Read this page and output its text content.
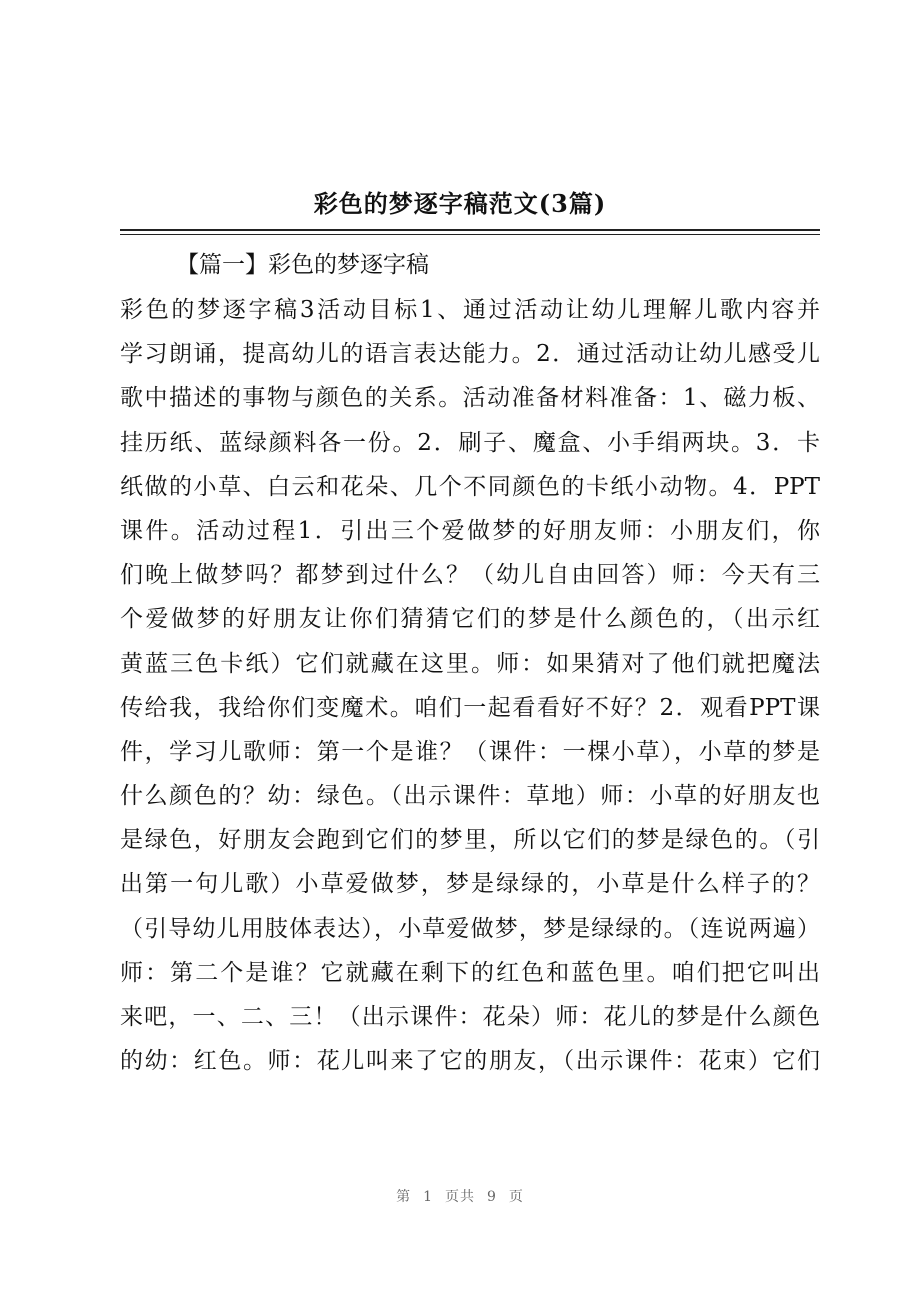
彩色的梦逐字稿范文(3篇)
【篇一】彩色的梦逐字稿
彩色的梦逐字稿3活动目标1、通过活动让幼儿理解儿歌内容并
学习朗诵，提高幼儿的语言表达能力。2．通过活动让幼儿感受儿
歌中描述的事物与颜色的关系。活动准备材料准备：1、磁力板、
挂历纸、蓝绿颜料各一份。2．刷子、魔盒、小手绢两块。3．卡
纸做的小草、白云和花朵、几个不同颜色的卡纸小动物。4．PPT
课件。活动过程1．引出三个爱做梦的好朋友师：小朋友们，你
们晚上做梦吗？都梦到过什么？（幼儿自由回答）师：今天有三
个爱做梦的好朋友让你们猜猜它们的梦是什么颜色的，（出示红
黄蓝三色卡纸）它们就藏在这里。师：如果猜对了他们就把魔法
传给我，我给你们变魔术。咱们一起看看好不好？2．观看PPT课
件，学习儿歌师：第一个是谁？（课件：一棵小草），小草的梦是
什么颜色的？幼：绿色。（出示课件：草地）师：小草的好朋友也
是绿色，好朋友会跑到它们的梦里，所以它们的梦是绿色的。（引
出第一句儿歌）小草爱做梦，梦是绿绿的，小草是什么样子的？
（引导幼儿用肢体表达），小草爱做梦，梦是绿绿的。（连说两遍）
师：第二个是谁？它就藏在剩下的红色和蓝色里。咱们把它叫出
来吧，一、二、三！（出示课件：花朵）师：花儿的梦是什么颜色
的幼：红色。师：花儿叫来了它的朋友，（出示课件：花束）它们
第 1 页共 9 页
